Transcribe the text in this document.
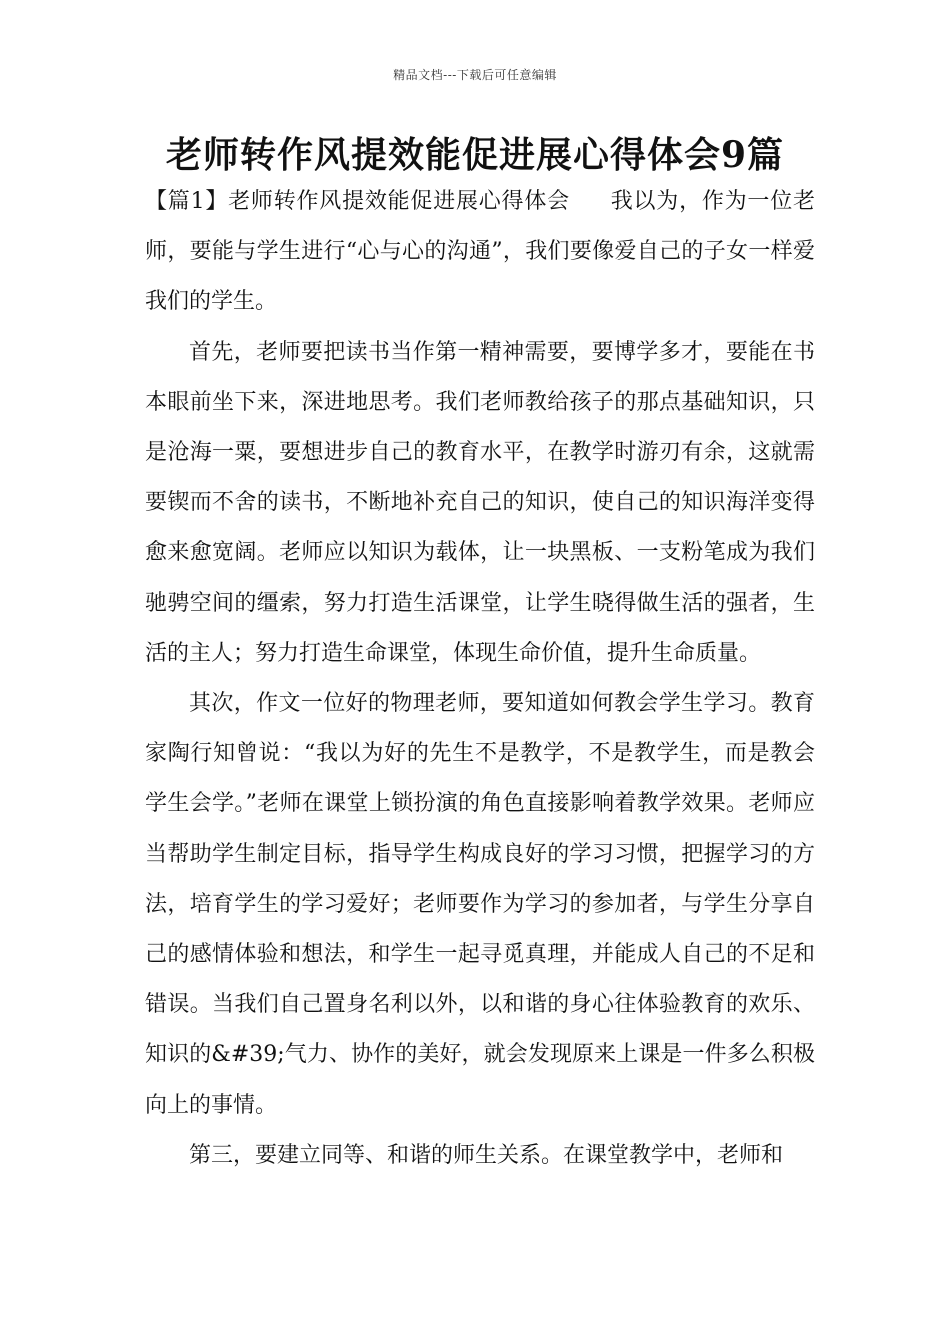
精品文档---下载后可任意编辑
老师转作风提效能促进展心得体会9篇

【篇1】老师转作风提效能促进展心得体会 我以为，作为一位老师，要能与学生进行“心与心的沟通”，我们要像爱自己的子女一样爱我们的学生。

首先，老师要把读书当作第一精神需要，要博学多才，要能在书本眼前坐下来，深进地思考。我们老师教给孩子的那点基础知识，只是沧海一粟，要想进步自己的教育水平，在教学时游刃有余，这就需要锲而不舍的读书，不断地补充自己的知识，使自己的知识海洋变得愈来愈宽阔。老师应以知识为载体，让一块黑板、一支粉笔成为我们驰骋空间的缰索，努力打造生活课堂，让学生晓得做生活的强者，生活的主人；努力打造生命课堂，体现生命价值，提升生命质量。

其次，作文一位好的物理老师，要知道如何教会学生学习。教育家陶行知曾说：“我以为好的先生不是教学，不是教学生，而是教会学生会学。”老师在课堂上锁扮演的角色直接影响着教学效果。老师应当帮助学生制定目标，指导学生构成良好的学习习惯，把握学习的方法，培育学生的学习爱好；老师要作为学习的参加者，与学生分享自己的感情体验和想法，和学生一起寻觅真理，并能成人自己的不足和错误。当我们自己置身名利以外，以和谐的身心往体验教育的欢乐、知识的&#39;气力、协作的美好，就会发现原来上课是一件多么积极向上的事情。

第三，要建立同等、和谐的师生关系。在课堂教学中，老师和
